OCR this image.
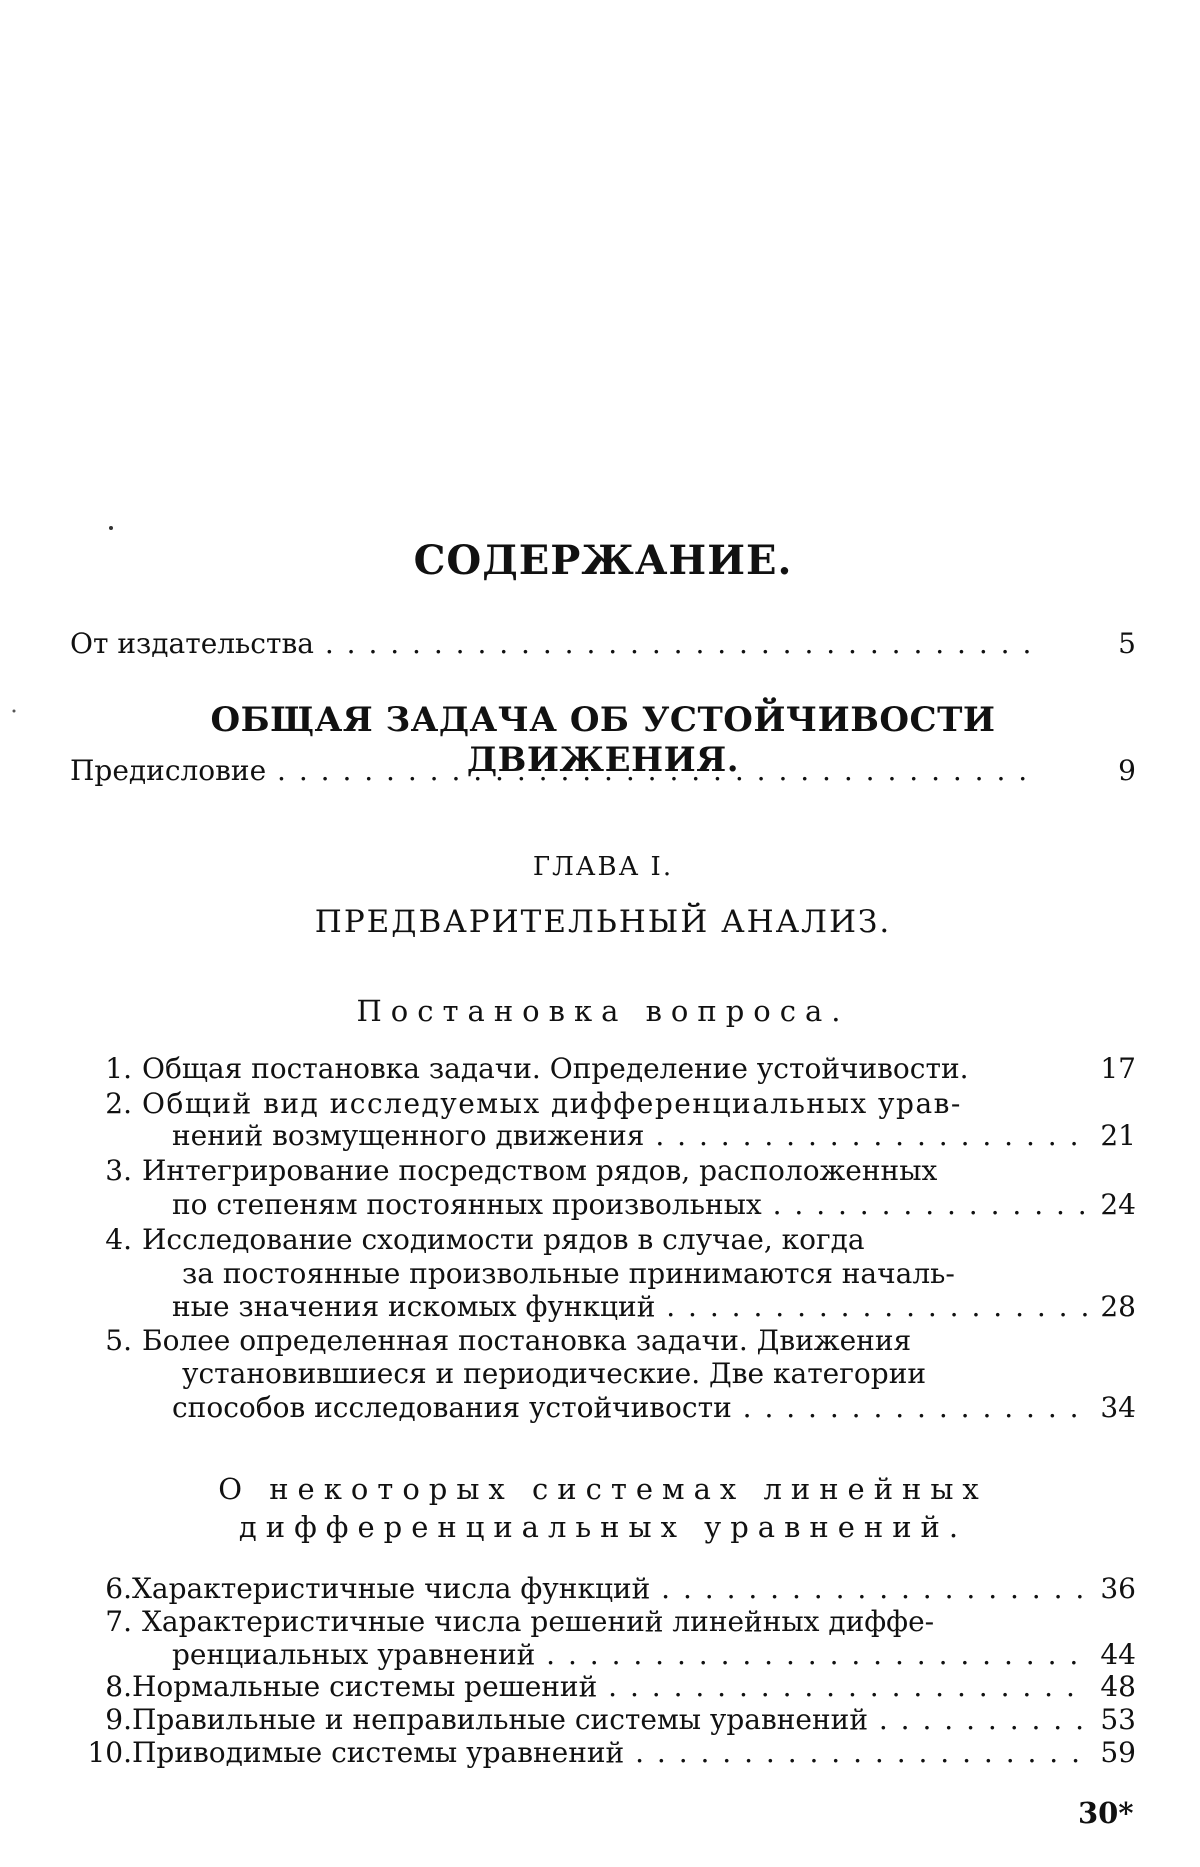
СОДЕРЖАНИЕ.
От издательства . . .	5
ОБЩАЯ ЗАДАЧА ОБ УСТОЙЧИВОСТИ ДВИЖЕНИЯ.
Предисловие . . .	9
ГЛАВА I.
ПРЕДВАРИТЕЛЬНЫЙ АНАЛИЗ.
Постановка вопроса.
1. Общая постановка задачи. Определение устойчивости.	17
2. Общий вид исследуемых дифференциальных урав-
нений возмущенного движения . . .	21
3. Интегрирование посредством рядов, расположенных
по степеням постоянных произвольных . . .	24
4. Исследование сходимости рядов в случае, когда
за постоянные произвольные принимаются началь-
ные значения искомых функций . . .	28
5. Более определенная постановка задачи. Движения
установившиеся и периодические. Две категории
способов исследования устойчивости . . .	34
О некоторых системах линейных
дифференциальных уравнений.
6. Характеристичные числа функций . . .	36
7. Характеристичные числа решений линейных диффе-
ренциальных уравнений . . .	44
8. Нормальные системы решений . . .	48
9. Правильные и неправильные системы уравнений . . .	53
10. Приводимые системы уравнений . . .	59
30*
